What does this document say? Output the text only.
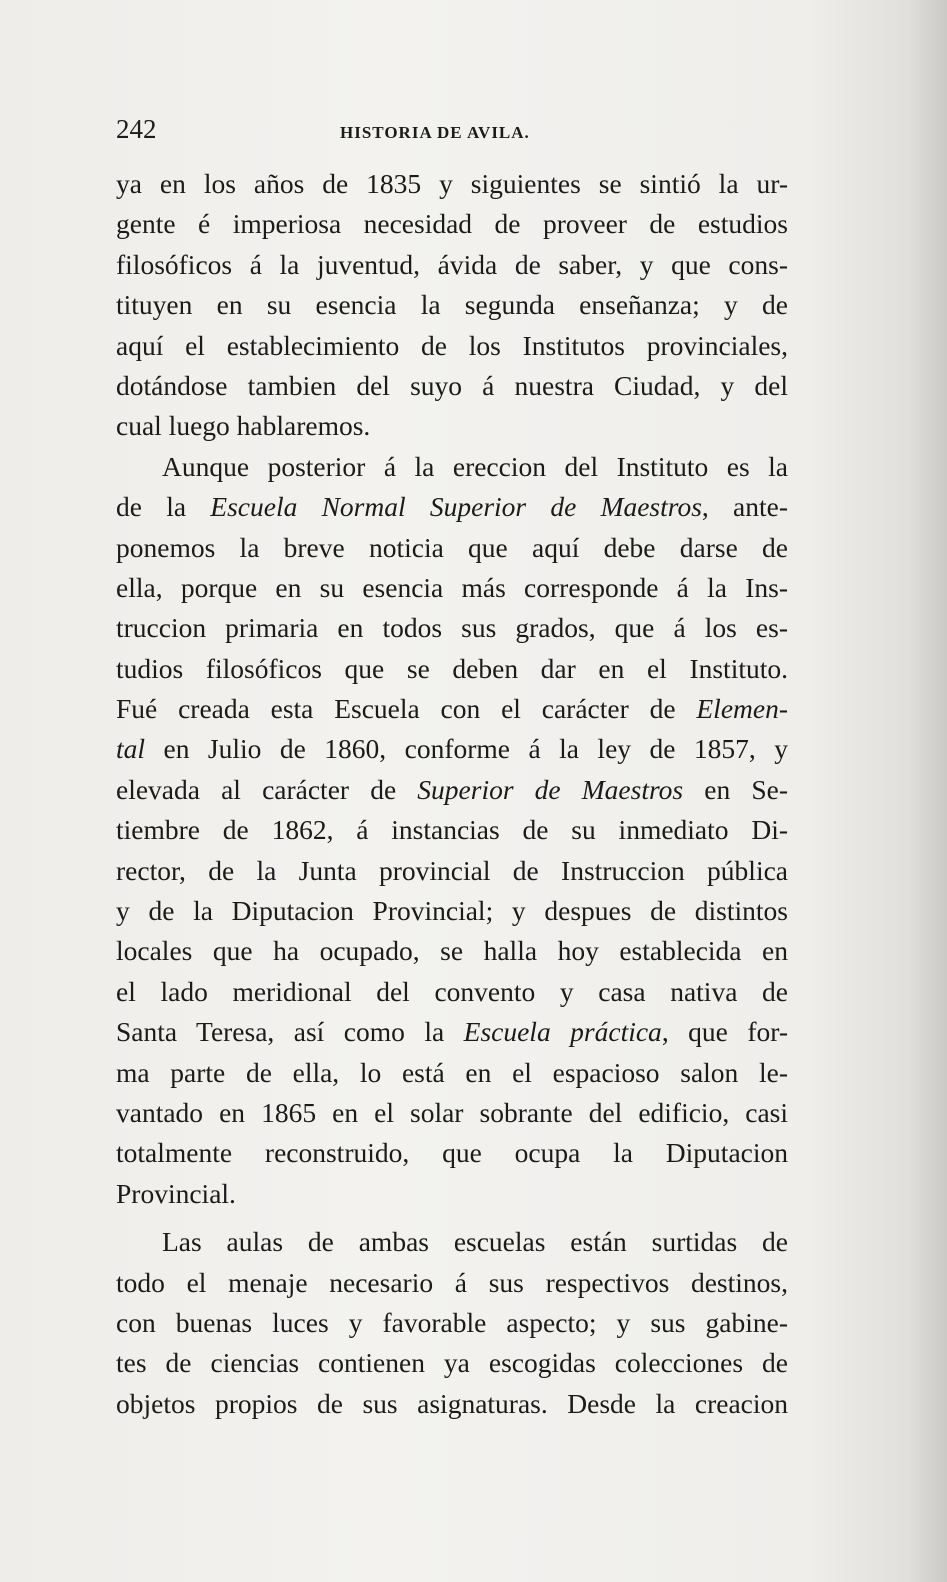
242	HISTORIA DE AVILA.
ya en los años de 1835 y siguientes se sintió la ur-
gente é imperiosa necesidad de proveer de estudios
filosóficos á la juventud, ávida de saber, y que cons-
tituyen en su esencia la segunda enseñanza; y de
aquí el establecimiento de los Institutos provinciales,
dotándose tambien del suyo á nuestra Ciudad, y del
cual luego hablaremos.
Aunque posterior á la ereccion del Instituto es la
de la Escuela Normal Superior de Maestros, ante-
ponemos la breve noticia que aquí debe darse de
ella, porque en su esencia más corresponde á la Ins-
truccion primaria en todos sus grados, que á los es-
tudios filosóficos que se deben dar en el Instituto.
Fué creada esta Escuela con el carácter de Elemen-
tal en Julio de 1860, conforme á la ley de 1857, y
elevada al carácter de Superior de Maestros en Se-
tiembre de 1862, á instancias de su inmediato Di-
rector, de la Junta provincial de Instruccion pública
y de la Diputacion Provincial; y despues de distintos
locales que ha ocupado, se halla hoy establecida en
el lado meridional del convento y casa nativa de
Santa Teresa, así como la Escuela práctica, que for-
ma parte de ella, lo está en el espacioso salon le-
vantado en 1865 en el solar sobrante del edificio, casi
totalmente reconstruido, que ocupa la Diputacion
Provincial.
Las aulas de ambas escuelas están surtidas de
todo el menaje necesario á sus respectivos destinos,
con buenas luces y favorable aspecto; y sus gabine-
tes de ciencias contienen ya escogidas colecciones de
objetos propios de sus asignaturas. Desde la creacion
